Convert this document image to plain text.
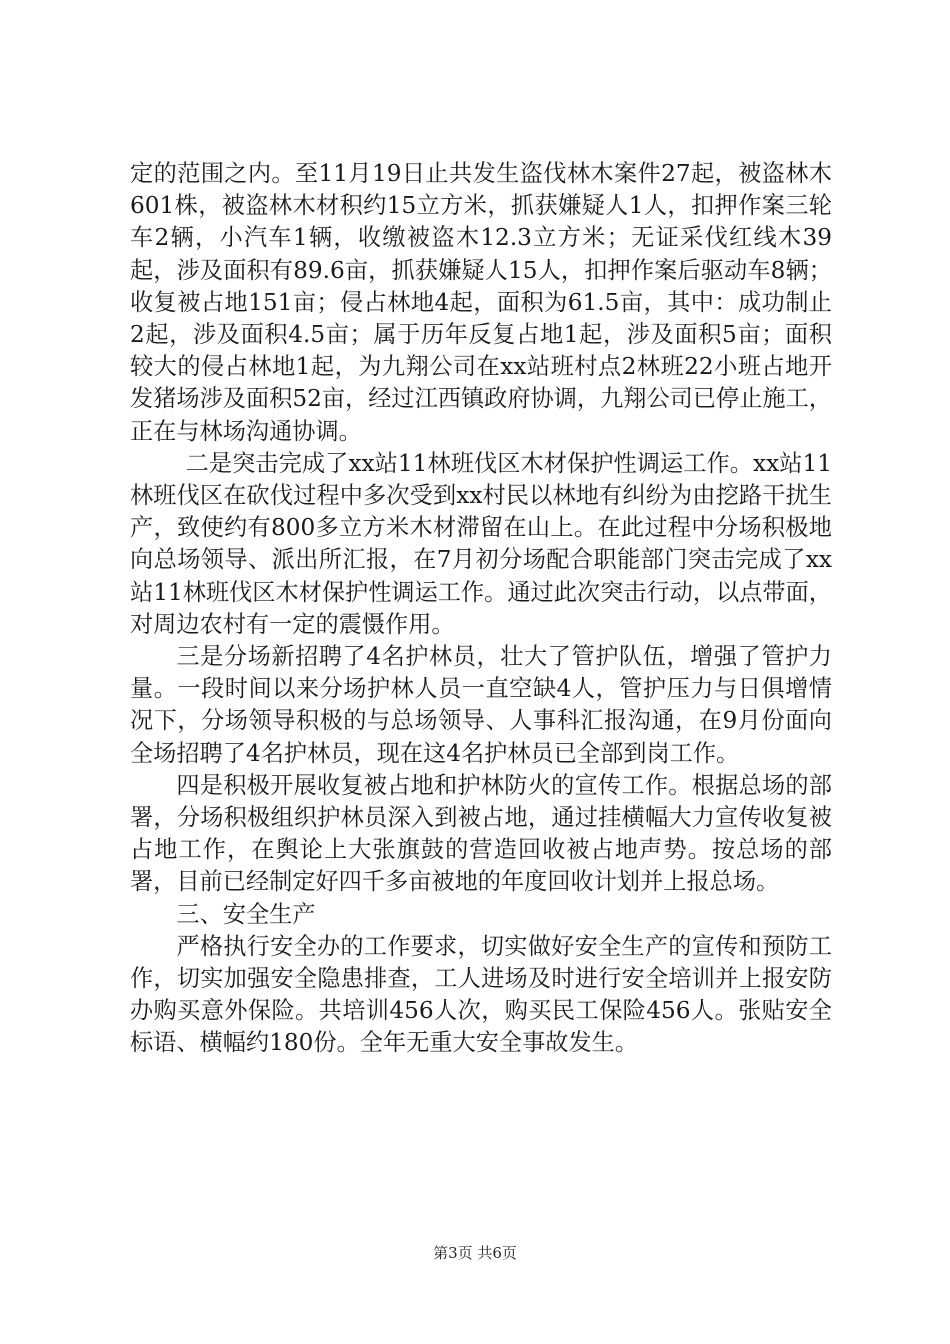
定的范围之内。至11月19日止共发生盗伐林木案件27起，被盗林木601株，被盗林木材积约15立方米，抓获嫌疑人1人，扣押作案三轮车2辆，小汽车1辆，收缴被盗木12.3立方米；无证采伐红线木39起，涉及面积有89.6亩，抓获嫌疑人15人，扣押作案后驱动车8辆；收复被占地151亩；侵占林地4起，面积为61.5亩，其中：成功制止2起，涉及面积4.5亩；属于历年反复占地1起，涉及面积5亩；面积较大的侵占林地1起，为九翔公司在xx站班村点2林班22小班占地开发猪场涉及面积52亩，经过江西镇政府协调，九翔公司已停止施工，正在与林场沟通协调。

二是突击完成了xx站11林班伐区木材保护性调运工作。xx站11林班伐区在砍伐过程中多次受到xx村民以林地有纠纷为由挖路干扰生产，致使约有800多立方米木材滞留在山上。在此过程中分场积极地向总场领导、派出所汇报，在7月初分场配合职能部门突击完成了xx站11林班伐区木材保护性调运工作。通过此次突击行动，以点带面，对周边农村有一定的震慑作用。

三是分场新招聘了4名护林员，壮大了管护队伍，增强了管护力量。一段时间以来分场护林人员一直空缺4人，管护压力与日俱增情况下，分场领导积极的与总场领导、人事科汇报沟通，在9月份面向全场招聘了4名护林员，现在这4名护林员已全部到岗工作。

四是积极开展收复被占地和护林防火的宣传工作。根据总场的部署，分场积极组织护林员深入到被占地，通过挂横幅大力宣传收复被占地工作，在舆论上大张旗鼓的营造回收被占地声势。按总场的部署，目前已经制定好四千多亩被地的年度回收计划并上报总场。

三、安全生产

严格执行安全办的工作要求，切实做好安全生产的宣传和预防工作，切实加强安全隐患排查，工人进场及时进行安全培训并上报安防办购买意外保险。共培训456人次，购买民工保险456人。张贴安全标语、横幅约180份。全年无重大安全事故发生。

第3页 共6页
